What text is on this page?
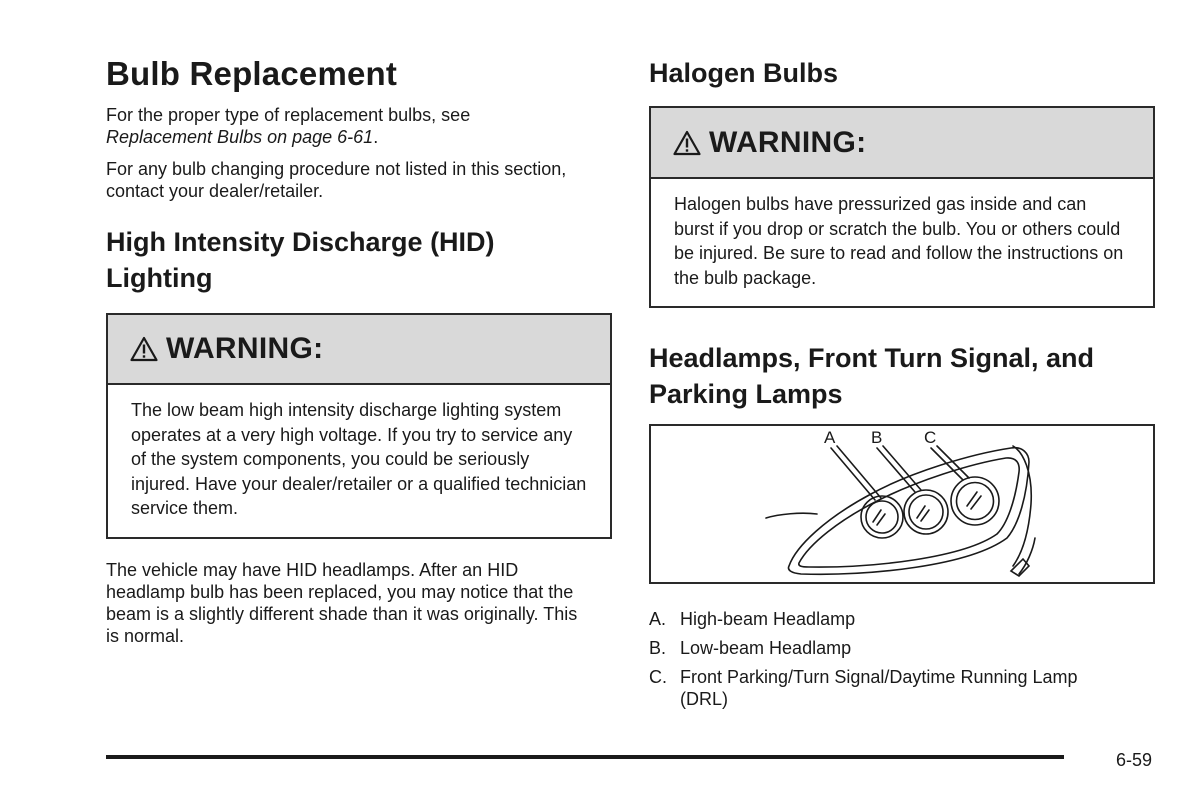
Bulb Replacement

For the proper type of replacement bulbs, see
Replacement Bulbs on page 6-61.

For any bulb changing procedure not listed in this section, contact your dealer/retailer.

High Intensity Discharge (HID)
Lighting
WARNING:
The low beam high intensity discharge lighting system operates at a very high voltage. If you try to service any of the system components, you could be seriously injured. Have your dealer/retailer or a qualified technician service them.

The vehicle may have HID headlamps. After an HID headlamp bulb has been replaced, you may notice that the beam is a slightly different shade than it was originally. This is normal.

Halogen Bulbs
WARNING:
Halogen bulbs have pressurized gas inside and can burst if you drop or scratch the bulb. You or others could be injured. Be sure to read and follow the instructions on the bulb package.
Headlamps, Front Turn Signal, and
Parking Lamps
A B C
A. High-beam Headlamp
B. Low-beam Headlamp
C. Front Parking/Turn Signal/Daytime Running Lamp (DRL)
6-59
